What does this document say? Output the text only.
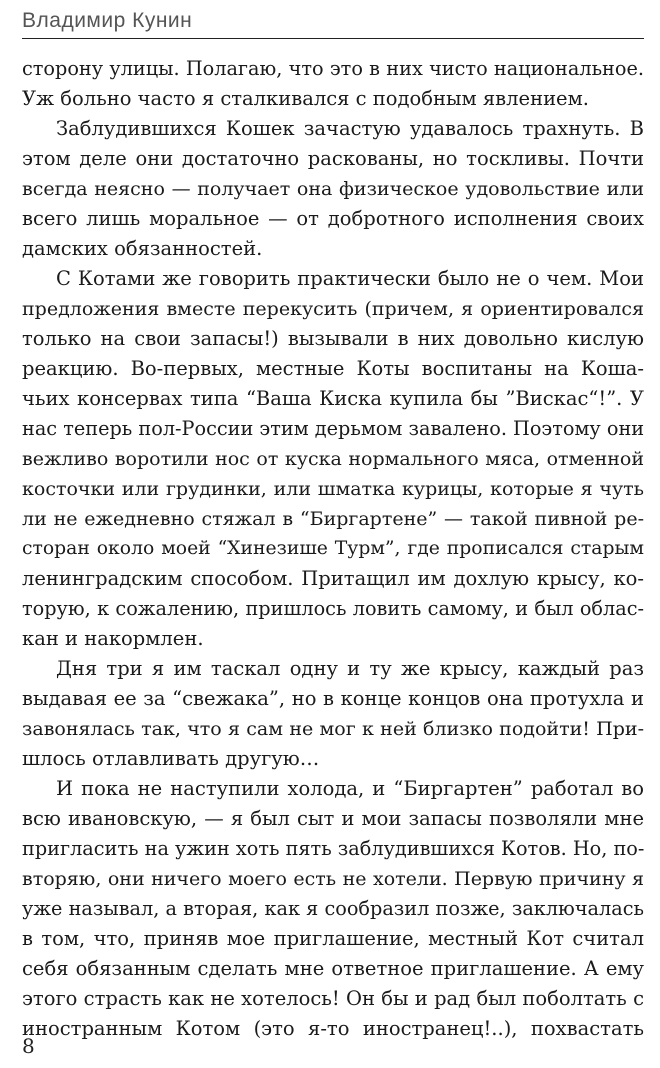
Владимир Кунин
сторону улицы. Полагаю, что это в них чисто национальное.
Уж больно часто я сталкивался с подобным явлением.
Заблудившихся Кошек зачастую удавалось трахнуть. В
этом деле они достаточно раскованы, но тоскливы. Почти
всегда неясно — получает она физическое удовольствие или
всего лишь моральное — от добротного исполнения своих
дамских обязанностей.
С Котами же говорить практически было не о чем. Мои
предложения вместе перекусить (причем, я ориентировался
только на свои запасы!) вызывали в них довольно кислую
реакцию. Во-первых, местные Коты воспитаны на Коша-
чьих консервах типа “Ваша Киска купила бы ”Вискас“!”. У
нас теперь пол-России этим дерьмом завалено. Поэтому они
вежливо воротили нос от куска нормального мяса, отменной
косточки или грудинки, или шматка курицы, которые я чуть
ли не ежедневно стяжал в “Биргартене” — такой пивной ре-
сторан около моей “Хинезише Турм”, где прописался старым
ленинградским способом. Притащил им дохлую крысу, ко-
торую, к сожалению, пришлось ловить самому, и был облас-
кан и накормлен.
Дня три я им таскал одну и ту же крысу, каждый раз
выдавая ее за “свежака”, но в конце концов она протухла и
завонялась так, что я сам не мог к ней близко подойти! При-
шлось отлавливать другую…
И пока не наступили холода, и “Биргартен” работал во
всю ивановскую, — я был сыт и мои запасы позволяли мне
пригласить на ужин хоть пять заблудившихся Котов. Но, по-
вторяю, они ничего моего есть не хотели. Первую причину я
уже называл, а вторая, как я сообразил позже, заключалась
в том, что, приняв мое приглашение, местный Кот считал
себя обязанным сделать мне ответное приглашение. А ему
этого страсть как не хотелось! Он бы и рад был поболтать с
иностранным Котом (это я-то иностранец!..), похвастать
8
